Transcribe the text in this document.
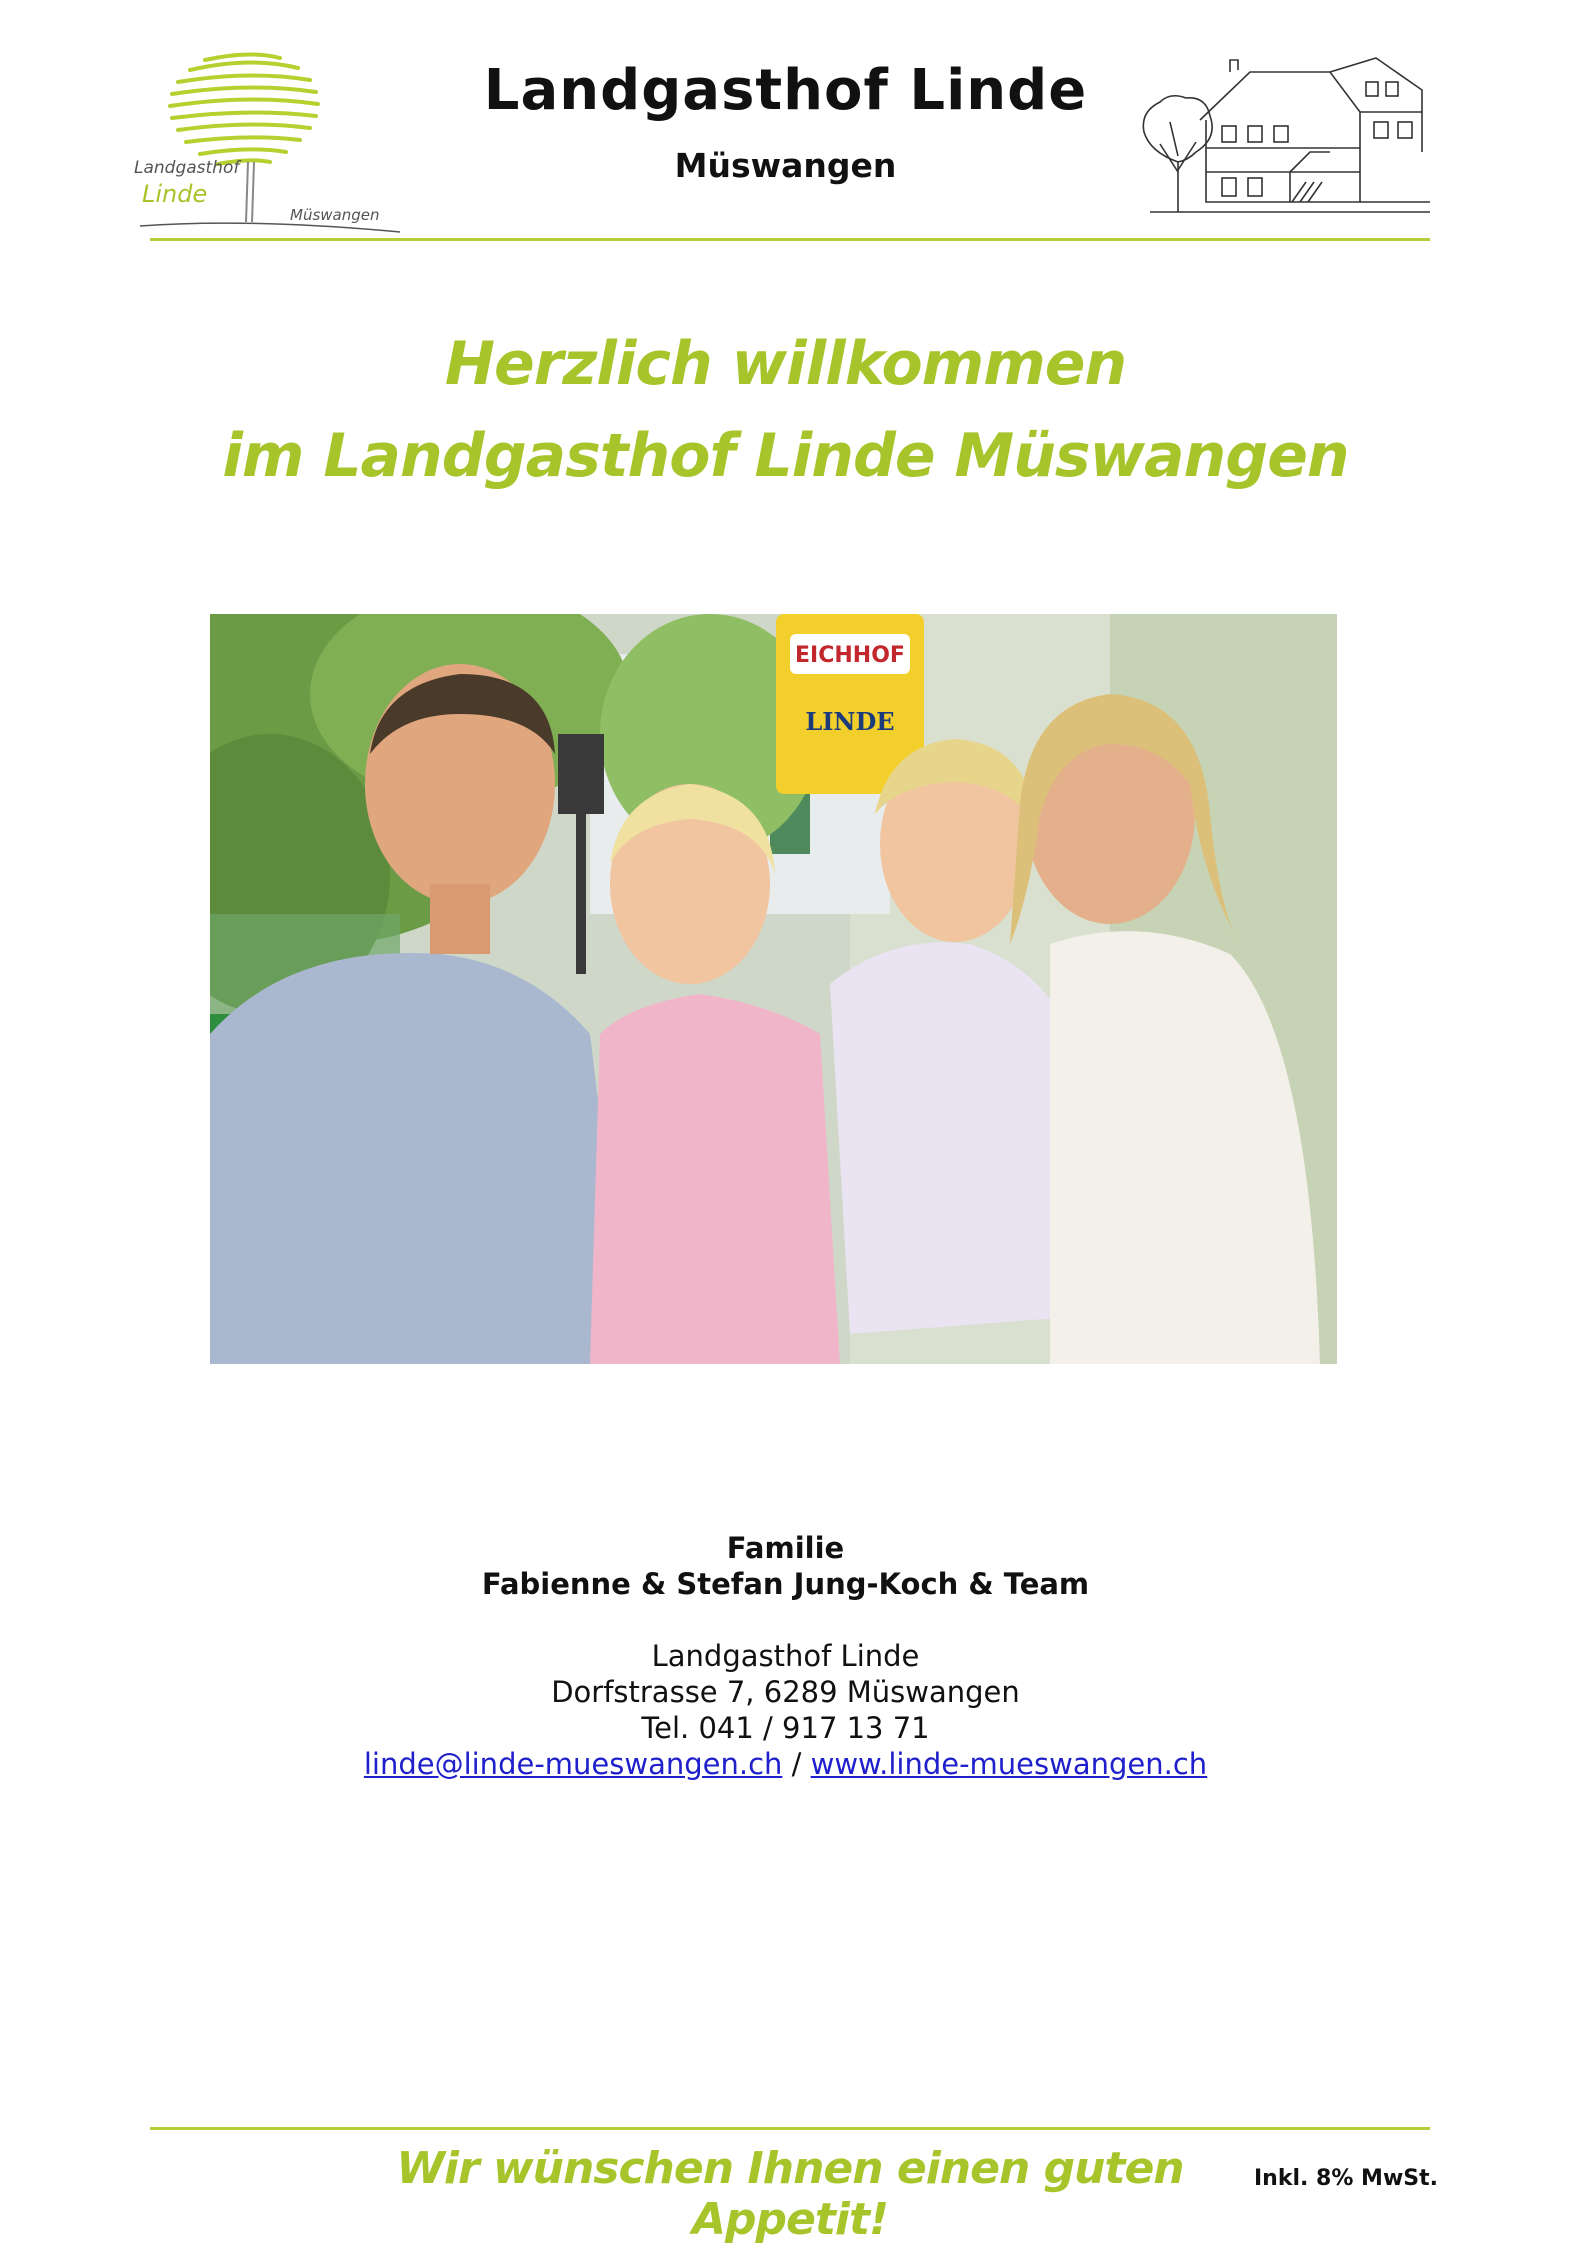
Landgasthof
Linde
Müswangen
Landgasthof Linde
Müswangen
Herzlich willkommen
im Landgasthof Linde Müswangen
EICHHOF
LINDE
Familie
Fabienne & Stefan Jung-Koch & Team
Landgasthof Linde
Dorfstrasse 7, 6289 Müswangen
Tel. 041 / 917 13 71
linde@linde-mueswangen.ch / www.linde-mueswangen.ch
Wir wünschen Ihnen einen guten Appetit!
Inkl. 8% MwSt.
